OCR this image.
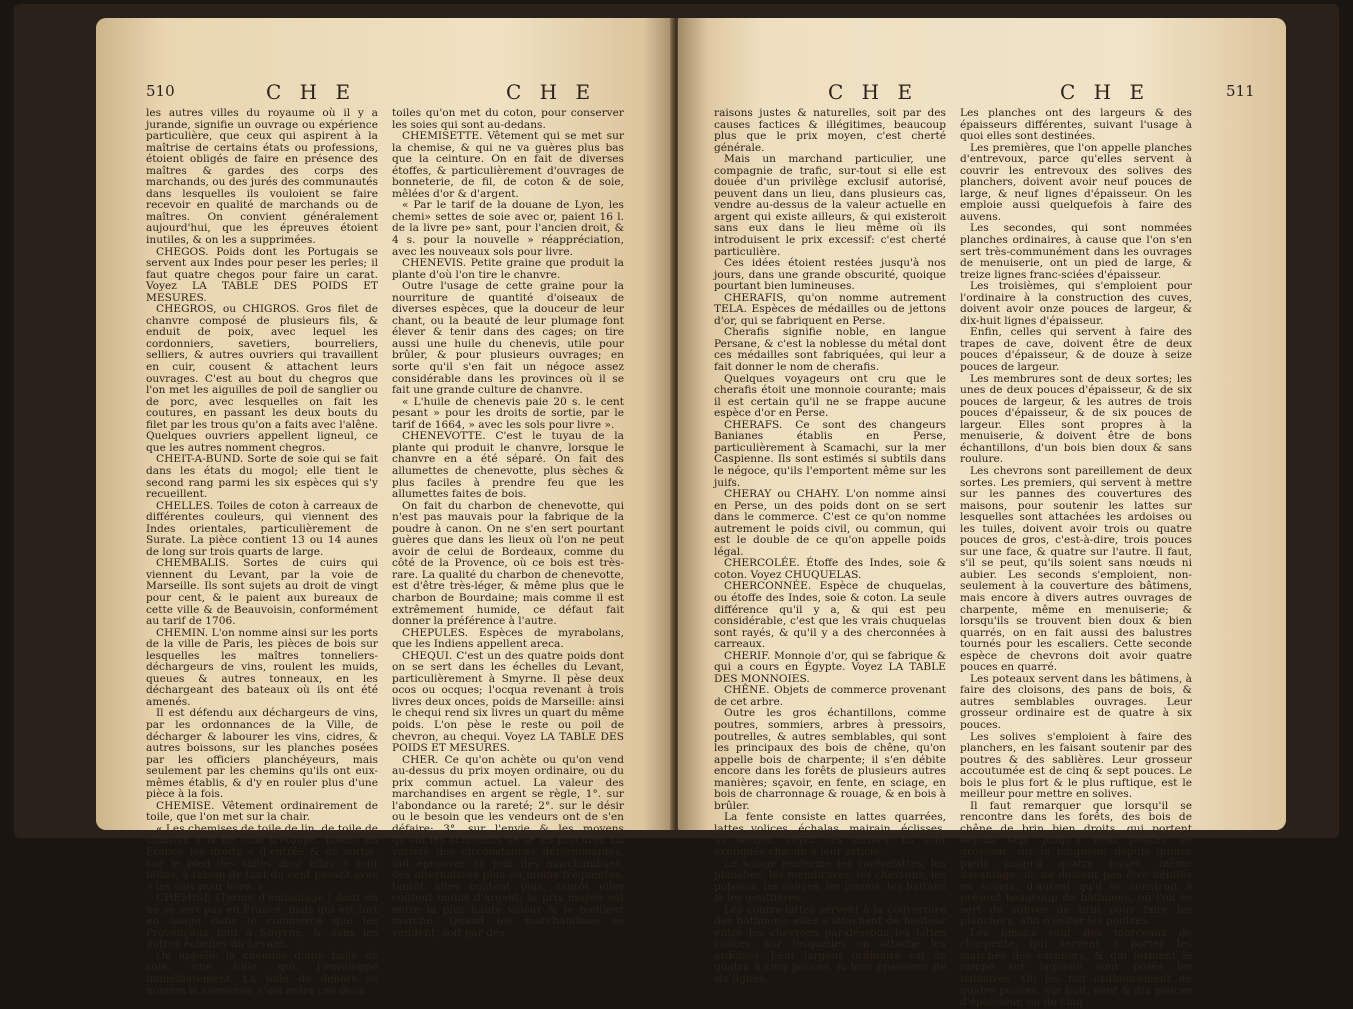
510	C H E	C H E

les autres villes du royaume où il y a jurande, signifie un ouvrage ou expérience particulière, que ceux qui aspirent à la maîtrise de certains états ou professions, étoient obligés de faire en présence des maîtres & gardes des corps des marchands, ou des jurés des communautés dans lesquelles ils vouloient se faire recevoir en qualité de marchands ou de maîtres. On convient généralement aujourd'hui, que les épreuves étoient inutiles, & on les a supprimées.

CHEGOS. Poids dont les Portugais se servent aux Indes pour peser les perles; il faut quatre chegos pour faire un carat. Voyez LA TABLE DES POIDS ET MESURES.

CHEGROS, ou CHIGROS. Gros filet de chanvre composé de plusieurs fils, & enduit de poix, avec lequel les cordonniers, savetiers, bourreliers, selliers, & autres ouvriers qui travaillent en cuir, cousent & attachent leurs ouvrages. C'est au bout du chegros que l'on met les aiguilles de poil de sanglier ou de porc, avec lesquelles on fait les coutures, en passant les deux bouts du filet par les trous qu'on a faits avec l'alêne. Quelques ouvriers appellent ligneul, ce que les autres nomment chegros.

CHEIT-A-BUND. Sorte de soie qui se fait dans les états du mogol; elle tient le second rang parmi les six espèces qui s'y recueillent.

CHELLES. Toiles de coton à carreaux de différentes couleurs, qui viennent des Indes orientales, particulièrement de Surate. La pièce contient 13 ou 14 aunes de long sur trois quarts de large.

CHEMBALIS. Sortes de cuirs qui viennent du Levant, par la voie de Marseille. Ils sont sujets au droit de vingt pour cent, & le paient aux bureaux de cette ville & de Beauvoisin, conformément au tarif de 1706.

CHEMIN. L'on nomme ainsi sur les ports de la ville de Paris, les pièces de bois sur lesquelles les maîtres tonneliers-déchargeurs de vins, roulent les muids, queues & autres tonneaux, en les déchargeant des bateaux où ils ont été amenés.

Il est défendu aux déchargeurs de vins, par les ordonnances de la Ville, de décharger & labourer les vins, cidres, & autres boissons, sur les planches posées par les officiers planchéyeurs, mais seulement par les chemins qu'ils ont eux-mêmes établis, & d'y en rouler plus d'une pièce à la fois.

CHEMISE. Vêtement ordinairement de toile, que l'on met sur la chair.

« Les chemises de toile de lin, de toile de chanvre » & de toile d'étoupe, paient en France les droits » d'entrée & de sortie, sur le pied des toiles dont elles » sont faites, à raison de tant du cent pesant avec » les sols pour livre. »

CHEMISE (Terme d'emballage,) dont on ne se sert pas en France, mais qui est fort en usage dans le commerce que les Provençaux font à Smyrne, & dans les autres échelles du Levant.

On appelle la chemise d'une balle de soie, une toile qui l'enveloppe immédiatement. La toile de dehors se nomme le canneras; c'est entre ces deux

toiles qu'on met du coton, pour conserver les soies qui sont au-dedans.

CHEMISETTE. Vêtement qui se met sur la chemise, & qui ne va guères plus bas que la ceinture. On en fait de diverses étoffes, & particulièrement d'ouvrages de bonneterie, de fil, de coton & de soie, mêlées d'or & d'argent.

« Par le tarif de la douane de Lyon, les chemi» settes de soie avec or, paient 16 l. de la livre pe» sant, pour l'ancien droit, & 4 s. pour la nouvelle » réappréciation, avec les nouveaux sols pour livre.

CHENEVIS. Petite graine que produit la plante d'où l'on tire le chanvre.

Outre l'usage de cette graine pour la nourriture de quantité d'oiseaux de diverses espèces, que la douceur de leur chant, ou la beauté de leur plumage font élever & tenir dans des cages; on tire aussi une huile du chenevis, utile pour brûler, & pour plusieurs ouvrages; en sorte qu'il s'en fait un négoce assez considérable dans les provinces où il se fait une grande culture de chanvre.

« L'huile de chenevis paie 20 s. le cent pesant » pour les droits de sortie, par le tarif de 1664, » avec les sols pour livre ».

CHENEVOTTE. C'est le tuyau de la plante qui produit le chanvre, lorsque le chanvre en a été séparé. On fait des allumettes de chenevotte, plus sèches & plus faciles à prendre feu que les allumettes faites de bois.

On fait du charbon de chenevotte, qui n'est pas mauvais pour la fabrique de la poudre à canon. On ne s'en sert pourtant guères que dans les lieux où l'on ne peut avoir de celui de Bordeaux, comme du côté de la Provence, où ce bois est très-rare. La qualité du charbon de chenevotte, est d'être très-léger, & même plus que le charbon de Bourdaine; mais comme il est extrêmement humide, ce défaut fait donner la préférence à l'autre.

CHEPULES. Espèces de myrabolans, que les Indiens appellent areca.

CHEQUI. C'est un des quatre poids dont on se sert dans les échelles du Levant, particulièrement à Smyrne. Il pèse deux ocos ou ocques; l'ocqua revenant à trois livres deux onces, poids de Marseille: ainsi le chequi rend six livres un quart du même poids. L'on pèse le reste ou poil de chevron, au chequi. Voyez LA TABLE DES POIDS ET MESURES.

CHER. Ce qu'on achète ou qu'on vend au-dessus du prix moyen ordinaire, ou du prix commun actuel. La valeur des marchandises en argent se règle, 1°. sur l'abondance ou la rareté; 2°. sur le désir ou le besoin que les vendeurs ont de s'en défaire; 3°. sur l'envie & les moyens qu'ont les acheteurs de se les procurer. La variété des circonstances déterminantes, fait éprouver au prix des marchandises, des alternatives plus ou moins fréquentes; tantôt elles coûtent plus, tantôt elles coûtent moins d'argent; le prix moyen est entre la plus haute valeur & le meilleur marché. Quand les marchandises se vendent, soit par des

C H E	C H E	511

raisons justes & naturelles, soit par des causes factices & illégitimes, beaucoup plus que le prix moyen, c'est cherté générale.

Mais un marchand particulier, une compagnie de trafic, sur-tout si elle est douée d'un privilège exclusif autorisé, peuvent dans un lieu, dans plusieurs cas, vendre au-dessus de la valeur actuelle en argent qui existe ailleurs, & qui existeroit sans eux dans le lieu même où ils introduisent le prix excessif: c'est cherté particulière.

Ces idées étoient restées jusqu'à nos jours, dans une grande obscurité, quoique pourtant bien lumineuses.

CHERAFIS, qu'on nomme autrement TELA. Espèces de médailles ou de jettons d'or, qui se fabriquent en Perse.

Cherafis signifie noble, en langue Persane, & c'est la noblesse du métal dont ces médailles sont fabriquées, qui leur a fait donner le nom de cherafis.

Quelques voyageurs ont cru que le cherafis étoit une monnoie courante; mais il est certain qu'il ne se frappe aucune espèce d'or en Perse.

CHERAFS. Ce sont des changeurs Banianes établis en Perse, particulièrement à Scamachi, sur la mer Caspienne. Ils sont estimés si subtils dans le négoce, qu'ils l'emportent même sur les juifs.

CHERAY ou CHAHY. L'on nomme ainsi en Perse, un des poids dont on se sert dans le commerce. C'est ce qu'on nomme autrement le poids civil, ou commun, qui est le double de ce qu'on appelle poids légal.

CHERCOLÉE. Étoffe des Indes, soie & coton. Voyez CHUQUELAS.

CHERCONNÉE. Espèce de chuquelas, ou étoffe des Indes, soie & coton. La seule différence qu'il y a, & qui est peu considérable, c'est que les vrais chuquelas sont rayés, & qu'il y a des cherconnées à carreaux.

CHERIF. Monnoie d'or, qui se fabrique & qui a cours en Égypte. Voyez LA TABLE DES MONNOIES.

CHÊNE. Objets de commerce provenant de cet arbre.

Outre les gros échantillons, comme poutres, sommiers, arbres à pressoirs, poutrelles, & autres semblables, qui sont les principaux des bois de chêne, qu'on appelle bois de charpente; il s'en débite encore dans les forêts de plusieurs autres manières; sçavoir, en fente, en sciage, en bois de charronnage & rouage, & en bois à brûler.

La fente consiste en lattes quarrées, lattes volices, échalas, mairain, éclisses, ou seches. Voyez ces termes; ils sont expliqués chacun à leur article.

Le sciage renferme les contrelattes, les planches, les membrures, les chevrons, les poteaux, les solives, les limons, les battans & les gouttières.

Les contre-lattes servent à la couverture des bâtimens; elles s'attachent de hauteur entre les chevrons par-dessous les lattes volices, sur lesquelles on attache les ardoises. Leur largeur ordinaire est de quatre à cinq pouces, & leur épaisseur de six lignes.

Les planches ont des largeurs & des épaisseurs différentes, suivant l'usage à quoi elles sont destinées.

Les premières, que l'on appelle planches d'entrevoux, parce qu'elles servent à couvrir les entrevoux des solives des planchers, doivent avoir neuf pouces de large, & neuf lignes d'épaisseur. On les emploie aussi quelquefois à faire des auvens.

Les secondes, qui sont nommées planches ordinaires, à cause que l'on s'en sert très-communément dans les ouvrages de menuiserie, ont un pied de large, & treize lignes franc-sciées d'épaisseur.

Les troisièmes, qui s'emploient pour l'ordinaire à la construction des cuves, doivent avoir onze pouces de largeur, & dix-huit lignes d'épaisseur.

Enfin, celles qui servent à faire des trapes de cave, doivent être de deux pouces d'épaisseur, & de douze à seize pouces de largeur.

Les membrures sont de deux sortes; les unes de deux pouces d'épaisseur, & de six pouces de largeur, & les autres de trois pouces d'épaisseur, & de six pouces de largeur. Elles sont propres à la menuiserie, & doivent être de bons échantillons, d'un bois bien doux & sans roulure.

Les chevrons sont pareillement de deux sortes. Les premiers, qui servent à mettre sur les pannes des couvertures des maisons, pour soutenir les lattes sur lesquelles sont attachées les ardoises ou les tuiles, doivent avoir trois ou quatre pouces de gros, c'est-à-dire, trois pouces sur une face, & quatre sur l'autre. Il faut, s'il se peut, qu'ils soient sans nœuds ni aubier. Les seconds s'emploient, non-seulement à la couverture des bâtimens, mais encore à divers autres ouvrages de charpente, même en menuiserie; & lorsqu'ils se trouvent bien doux & bien quarrés, on en fait aussi des balustres tournés pour les escaliers. Cette seconde espèce de chevrons doit avoir quatre pouces en quarré.

Les poteaux servent dans les bâtimens, à faire des cloisons, des pans de bois, & autres semblables ouvrages. Leur grosseur ordinaire est de quatre à six pouces.

Les solives s'emploient à faire des planchers, en les faisant soutenir par des poutres & des sablières. Leur grosseur accoutumée est de cinq & sept pouces. Le bois le plus fort & le plus ruftique, est le meilleur pour mettre en solives.

Il faut remarquer que lorsqu'il se rencontre dans les forêts, des bois de chêne de brin bien droits, qui portent depuis sept jusqu'à neuf pouces de grosseur, sur la longueur, depuis quinze pieds jusqu'à quatre toises, même davantage, ils ne doivent pas être débités en sciage, d'autant qu'il se construit à présent beaucoup de bâtimens, où l'on se sert de solives de brin pour faire les planchers, afin d'éviter les poutres.

Les limons sont des morceaux de charpente, qui servent à porter les marches des escaliers, & qui forment le rampe sur laquelle sont posés les balustres. On les fait ordinairement de quatre pouces, sur huit, neuf & dix pouces d'épaisseur, ou de cinq
